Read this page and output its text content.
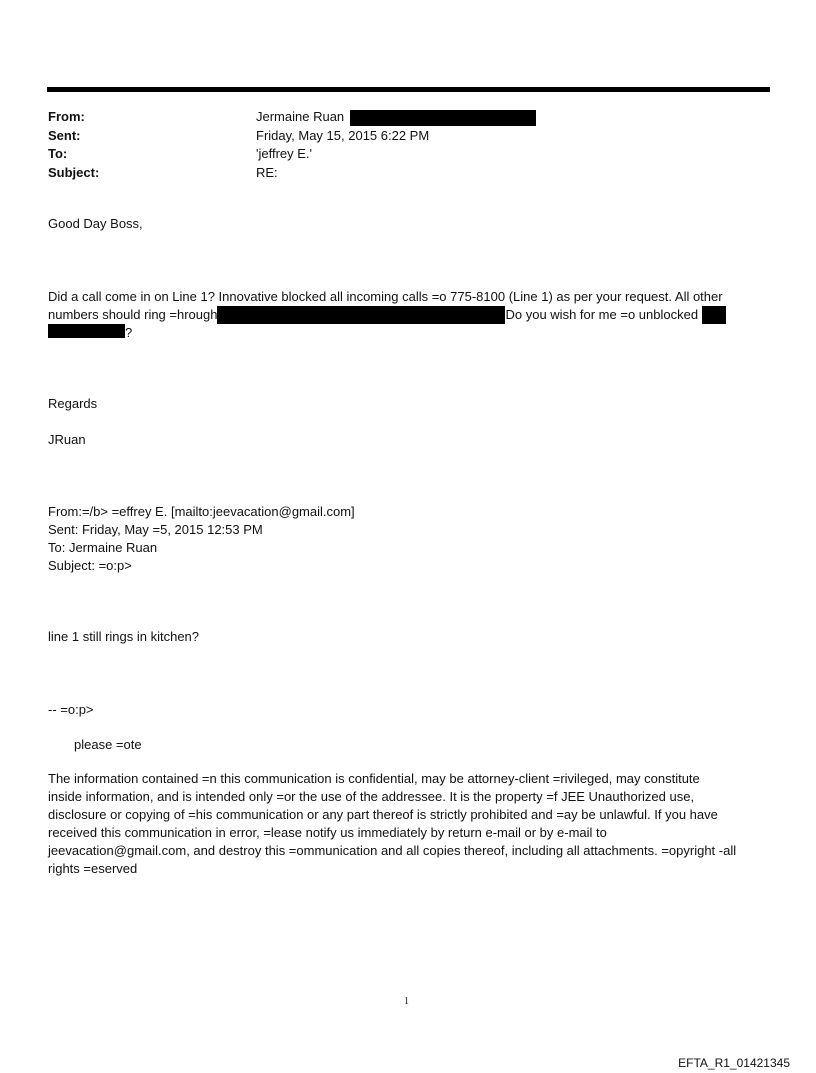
From:	Jermaine Ruan
Sent:	Friday, May 15, 2015 6:22 PM
To:	'jeffrey E.'
Subject:	RE:
Good Day Boss,
Did a call come in on Line 1? Innovative blocked all incoming calls =o 775-8100 (Line 1) as per your request. All other
numbers should ring =hrough	Do you wish for me =o unblocked
?
Regards
JRuan
From:=/b> =effrey E. [mailto:jeevacation@gmail.com]
Sent: Friday, May =5, 2015 12:53 PM
To: Jermaine Ruan
Subject: =o:p>
line 1 still rings in kitchen?
-- =o:p>
please =ote
The information contained =n this communication is confidential, may be attorney-client =rivileged, may constitute
inside information, and is intended only =or the use of the addressee. It is the property =f JEE Unauthorized use,
disclosure or copying of =his communication or any part thereof is strictly prohibited and =ay be unlawful. If you have
received this communication in error, =lease notify us immediately by return e-mail or by e-mail to
jeevacation@gmail.com, and destroy this =ommunication and all copies thereof, including all attachments. =opyright -all
rights =eserved
1
EFTA_R1_01421345
